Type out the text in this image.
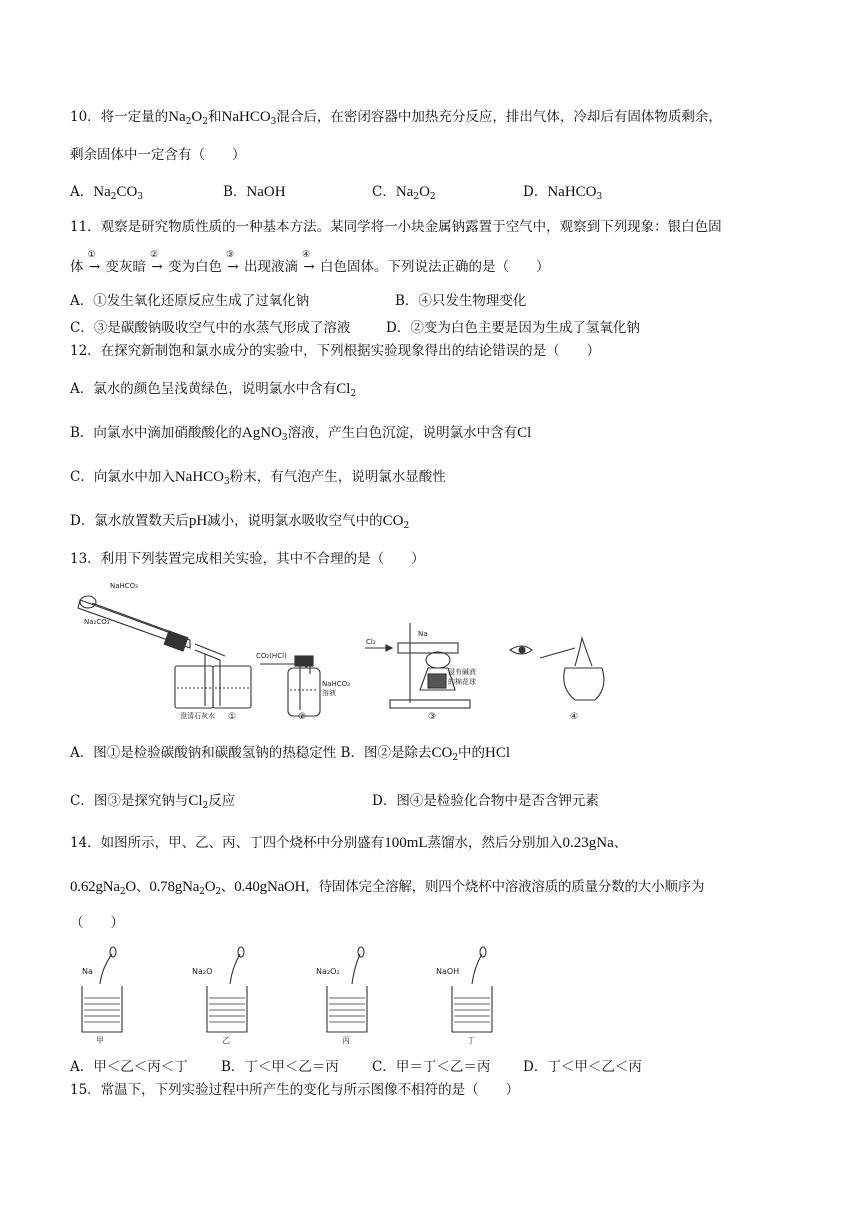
10．将一定量的$Na_2O_2$和NaHCO$_3$混合后，在密闭容器中加热充分反应，排出气体，冷却后有固体物质剩余，
剩余固体中一定含有（　　）
A．$Na_2CO_3$	B．NaOH	C．$Na_2O_2$	D．NaHCO$_3$
11．观察是研究物质性质的一种基本方法。某同学将一小块金属钠露置于空气中，观察到下列现象：银白色固
体
①
→ 变灰暗
②
→ 变为白色
③
→ 出现液滴
④
→ 白色固体。下列说法正确的是（　　）
A．①发生氧化还原反应生成了过氧化钠	B．④只发生物理变化
C．③是碳酸钠吸收空气中的水蒸气形成了溶液	D．②变为白色主要是因为生成了氢氧化钠
12．在探究新制饱和氯水成分的实验中，下列根据实验现象得出的结论错误的是（　　）
A．氯水的颜色呈浅黄绿色，说明氯水中含有$Cl_2$
B．向氯水中滴加硝酸酸化的AgNO$_3$溶液，产生白色沉淀，说明氯水中含有Cl
C．向氯水中加入NaHCO$_3$粉末，有气泡产生，说明氯水显酸性
D．氯水放置数天后pH减小，说明氯水吸收空气中的$CO_2$
13．利用下列装置完成相关实验，其中不合理的是（　　）
NaHCO₃
Na₂CO₃
澄清石灰水 ①
CO₂(HCl)
NaHCO₃
溶液
②
Cl₂
Na
浸有碱液
的棉花球
③	④
A．图①是检验碳酸钠和碳酸氢钠的热稳定性 B．图②是除去$CO_2$中的HCl
C．图③是探究钠与$Cl_2$反应	D．图④是检验化合物中是否含钾元素
14．如图所示，甲、乙、丙、丁四个烧杯中分别盛有100mL蒸馏水，然后分别加入0.23gNa、
0.62gNa$_2$O、$0.78gNa_2O_2$、0.40gNaOH，待固体完全溶解，则四个烧杯中溶液溶质的质量分数的大小顺序为
（　　）
Na
甲
Na₂O
乙
Na₂O₂
丙
NaOH
丁
A．甲＜乙＜丙＜丁 B．丁＜甲＜乙＝丙 C．甲＝丁＜乙＝丙 D．丁＜甲＜乙＜丙
15．常温下，下列实验过程中所产生的变化与所示图像不相符的是（　　）
